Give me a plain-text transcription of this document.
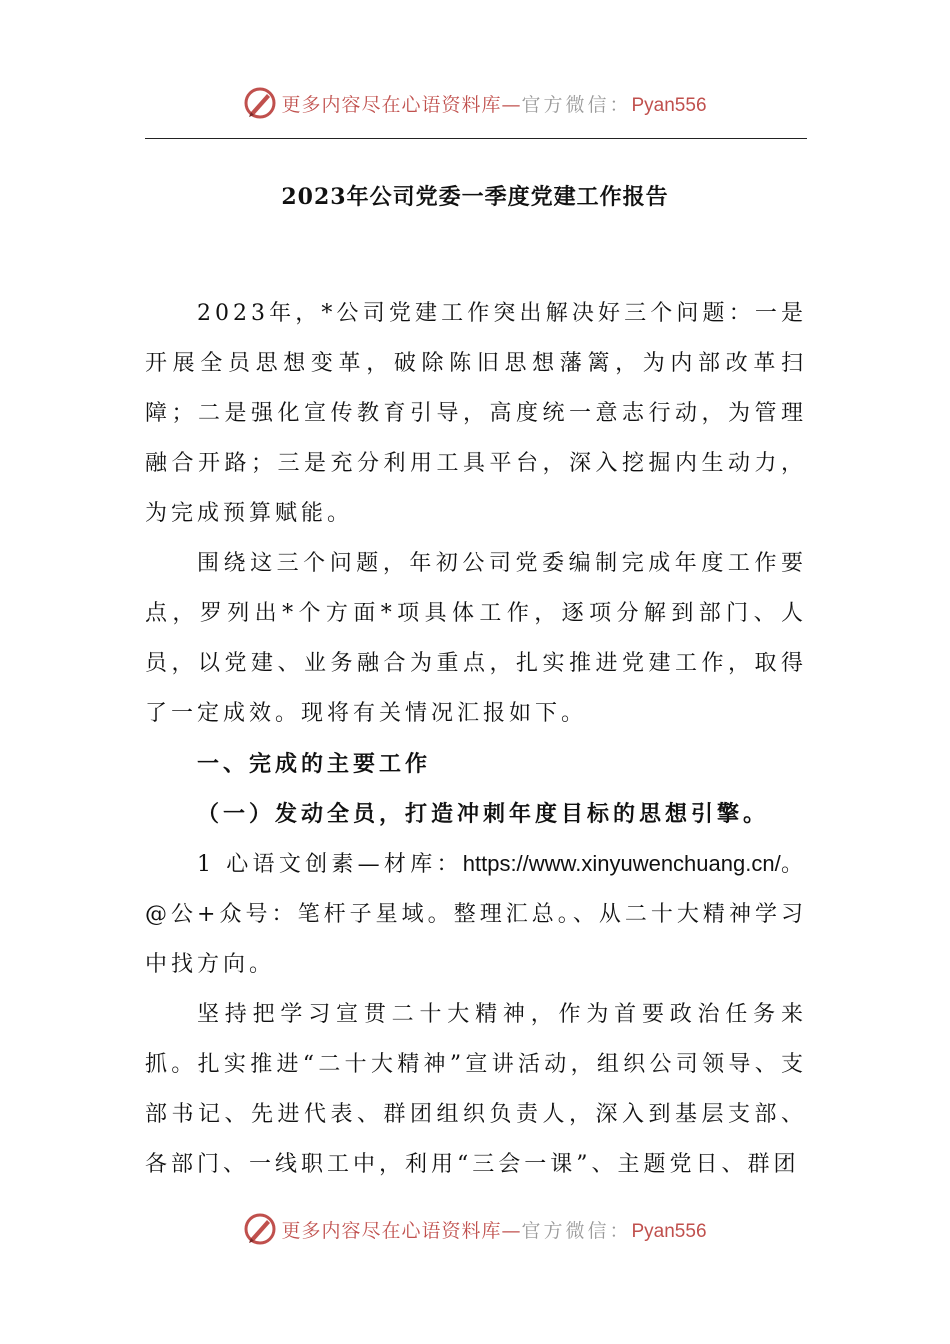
更多内容尽在心语资料库—官方微信：Pyan556
2023年公司党委一季度党建工作报告

2023年，*公司党建工作突出解决好三个问题：一是开展全员思想变革，破除陈旧思想藩篱，为内部改革扫障；二是强化宣传教育引导，高度统一意志行动，为管理融合开路；三是充分利用工具平台，深入挖掘内生动力，为完成预算赋能。

围绕这三个问题，年初公司党委编制完成年度工作要点，罗列出*个方面*项具体工作，逐项分解到部门、人员，以党建、业务融合为重点，扎实推进党建工作，取得了一定成效。现将有关情况汇报如下。

一、完成的主要工作

（一）发动全员，打造冲刺年度目标的思想引擎。

1 心语文创素—材库：https://www.xinyuwenchuang.cn/。@公+众号：笔杆子星域。整理汇总。、从二十大精神学习中找方向。

坚持把学习宣贯二十大精神，作为首要政治任务来抓。扎实推进“二十大精神”宣讲活动，组织公司领导、支部书记、先进代表、群团组织负责人，深入到基层支部、各部门、一线职工中，利用“三会一课”、主题党日、群团

更多内容尽在心语资料库—官方微信：Pyan556
